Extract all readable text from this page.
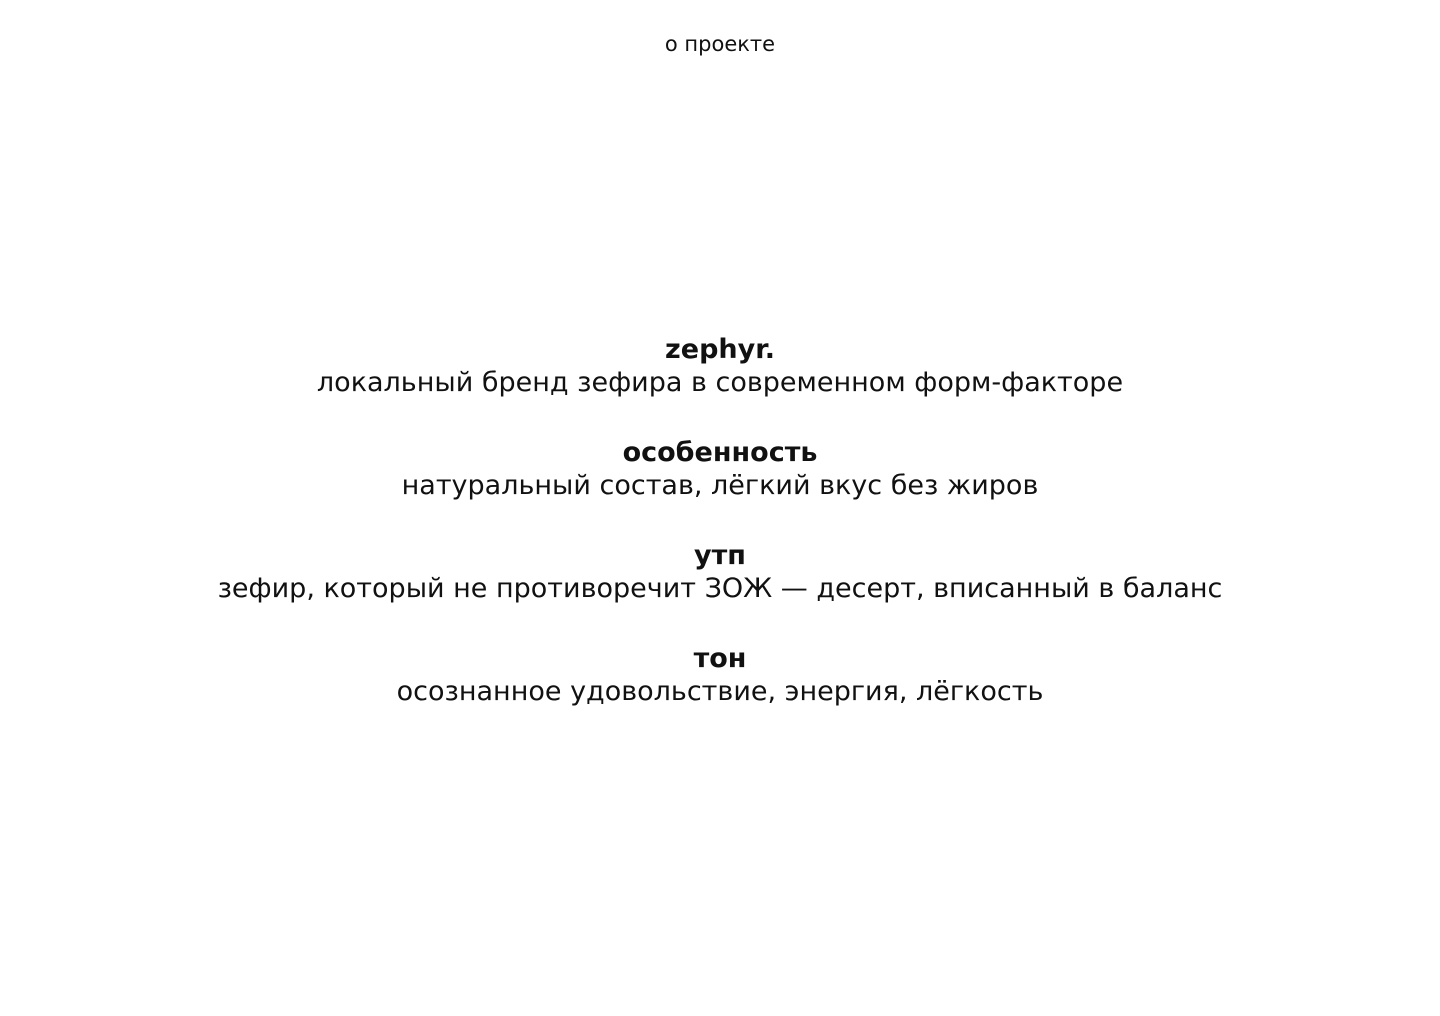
о проекте
zephyr.
локальный бренд зефира в современном форм-факторе
особенность
натуральный состав, лёгкий вкус без жиров
утп
зефир, который не противоречит ЗОЖ — десерт, вписанный в баланс
тон
осознанное удовольствие, энергия, лёгкость
